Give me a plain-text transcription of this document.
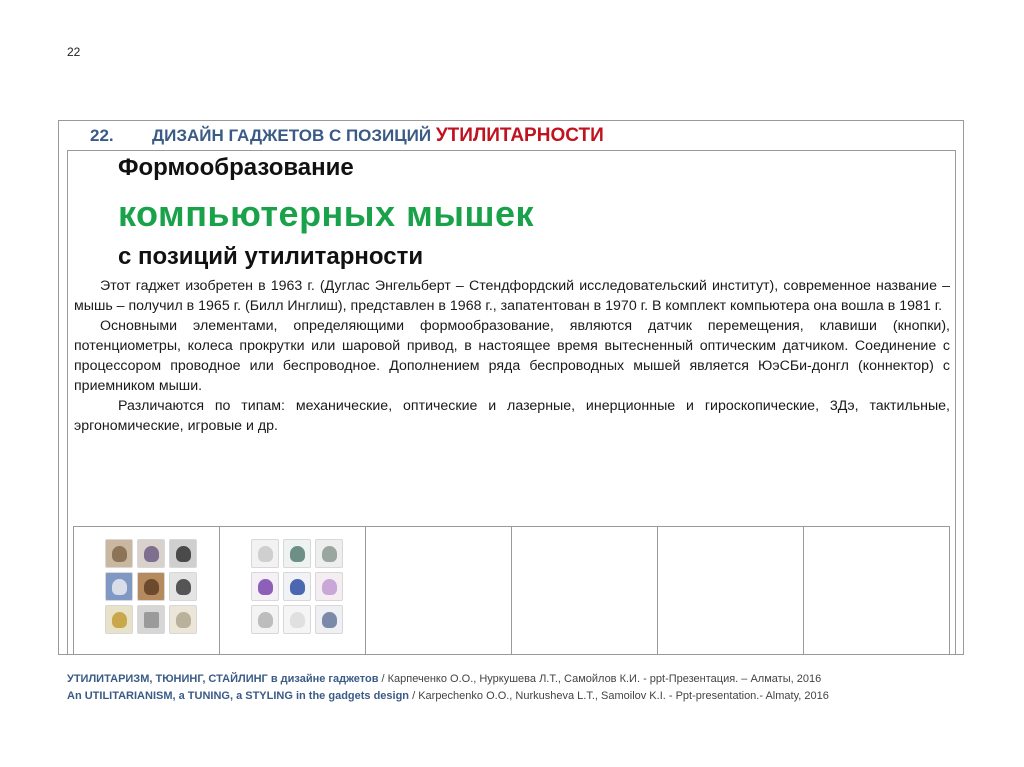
22
22. ДИЗАЙН ГАДЖЕТОВ С ПОЗИЦИЙ УТИЛИТАРНОСТИ
Формообразование
компьютерных мышек
с позиций утилитарности

Этот гаджет изобретен в 1963 г. (Дуглас Энгельберт – Стендфордский исследовательский институт), современное название – мышь – получил в 1965 г. (Билл Инглиш), представлен в 1968 г., запатентован в 1970 г. В комплект компьютера она вошла в 1981 г.

Основными элементами, определяющими формообразование, являются датчик перемещения, клавиши (кнопки), потенциометры, колеса прокрутки или шаровой привод, в настоящее время вытесненный оптическим датчиком. Соединение с процессором проводное или беспроводное. Дополнением ряда беспроводных мышей является ЮэСБи-донгл (коннектор) с приемником мыши.

Различаются по типам: механические, оптические и лазерные, инерционные и гироскопические, 3Дэ, тактильные, эргономические, игровые и др.

УТИЛИТАРИЗМ, ТЮНИНГ, СТАЙЛИНГ в дизайне гаджетов / Карпеченко О.О., Нуркушева Л.Т., Самойлов К.И. - ppt-Презентация. – Алматы, 2016
An UTILITARIANISM, a TUNING, a STYLING in the gadgets design / Karpechenko O.O., Nurkusheva L.T., Samoilov K.I. - Ppt-presentation.- Almaty, 2016
